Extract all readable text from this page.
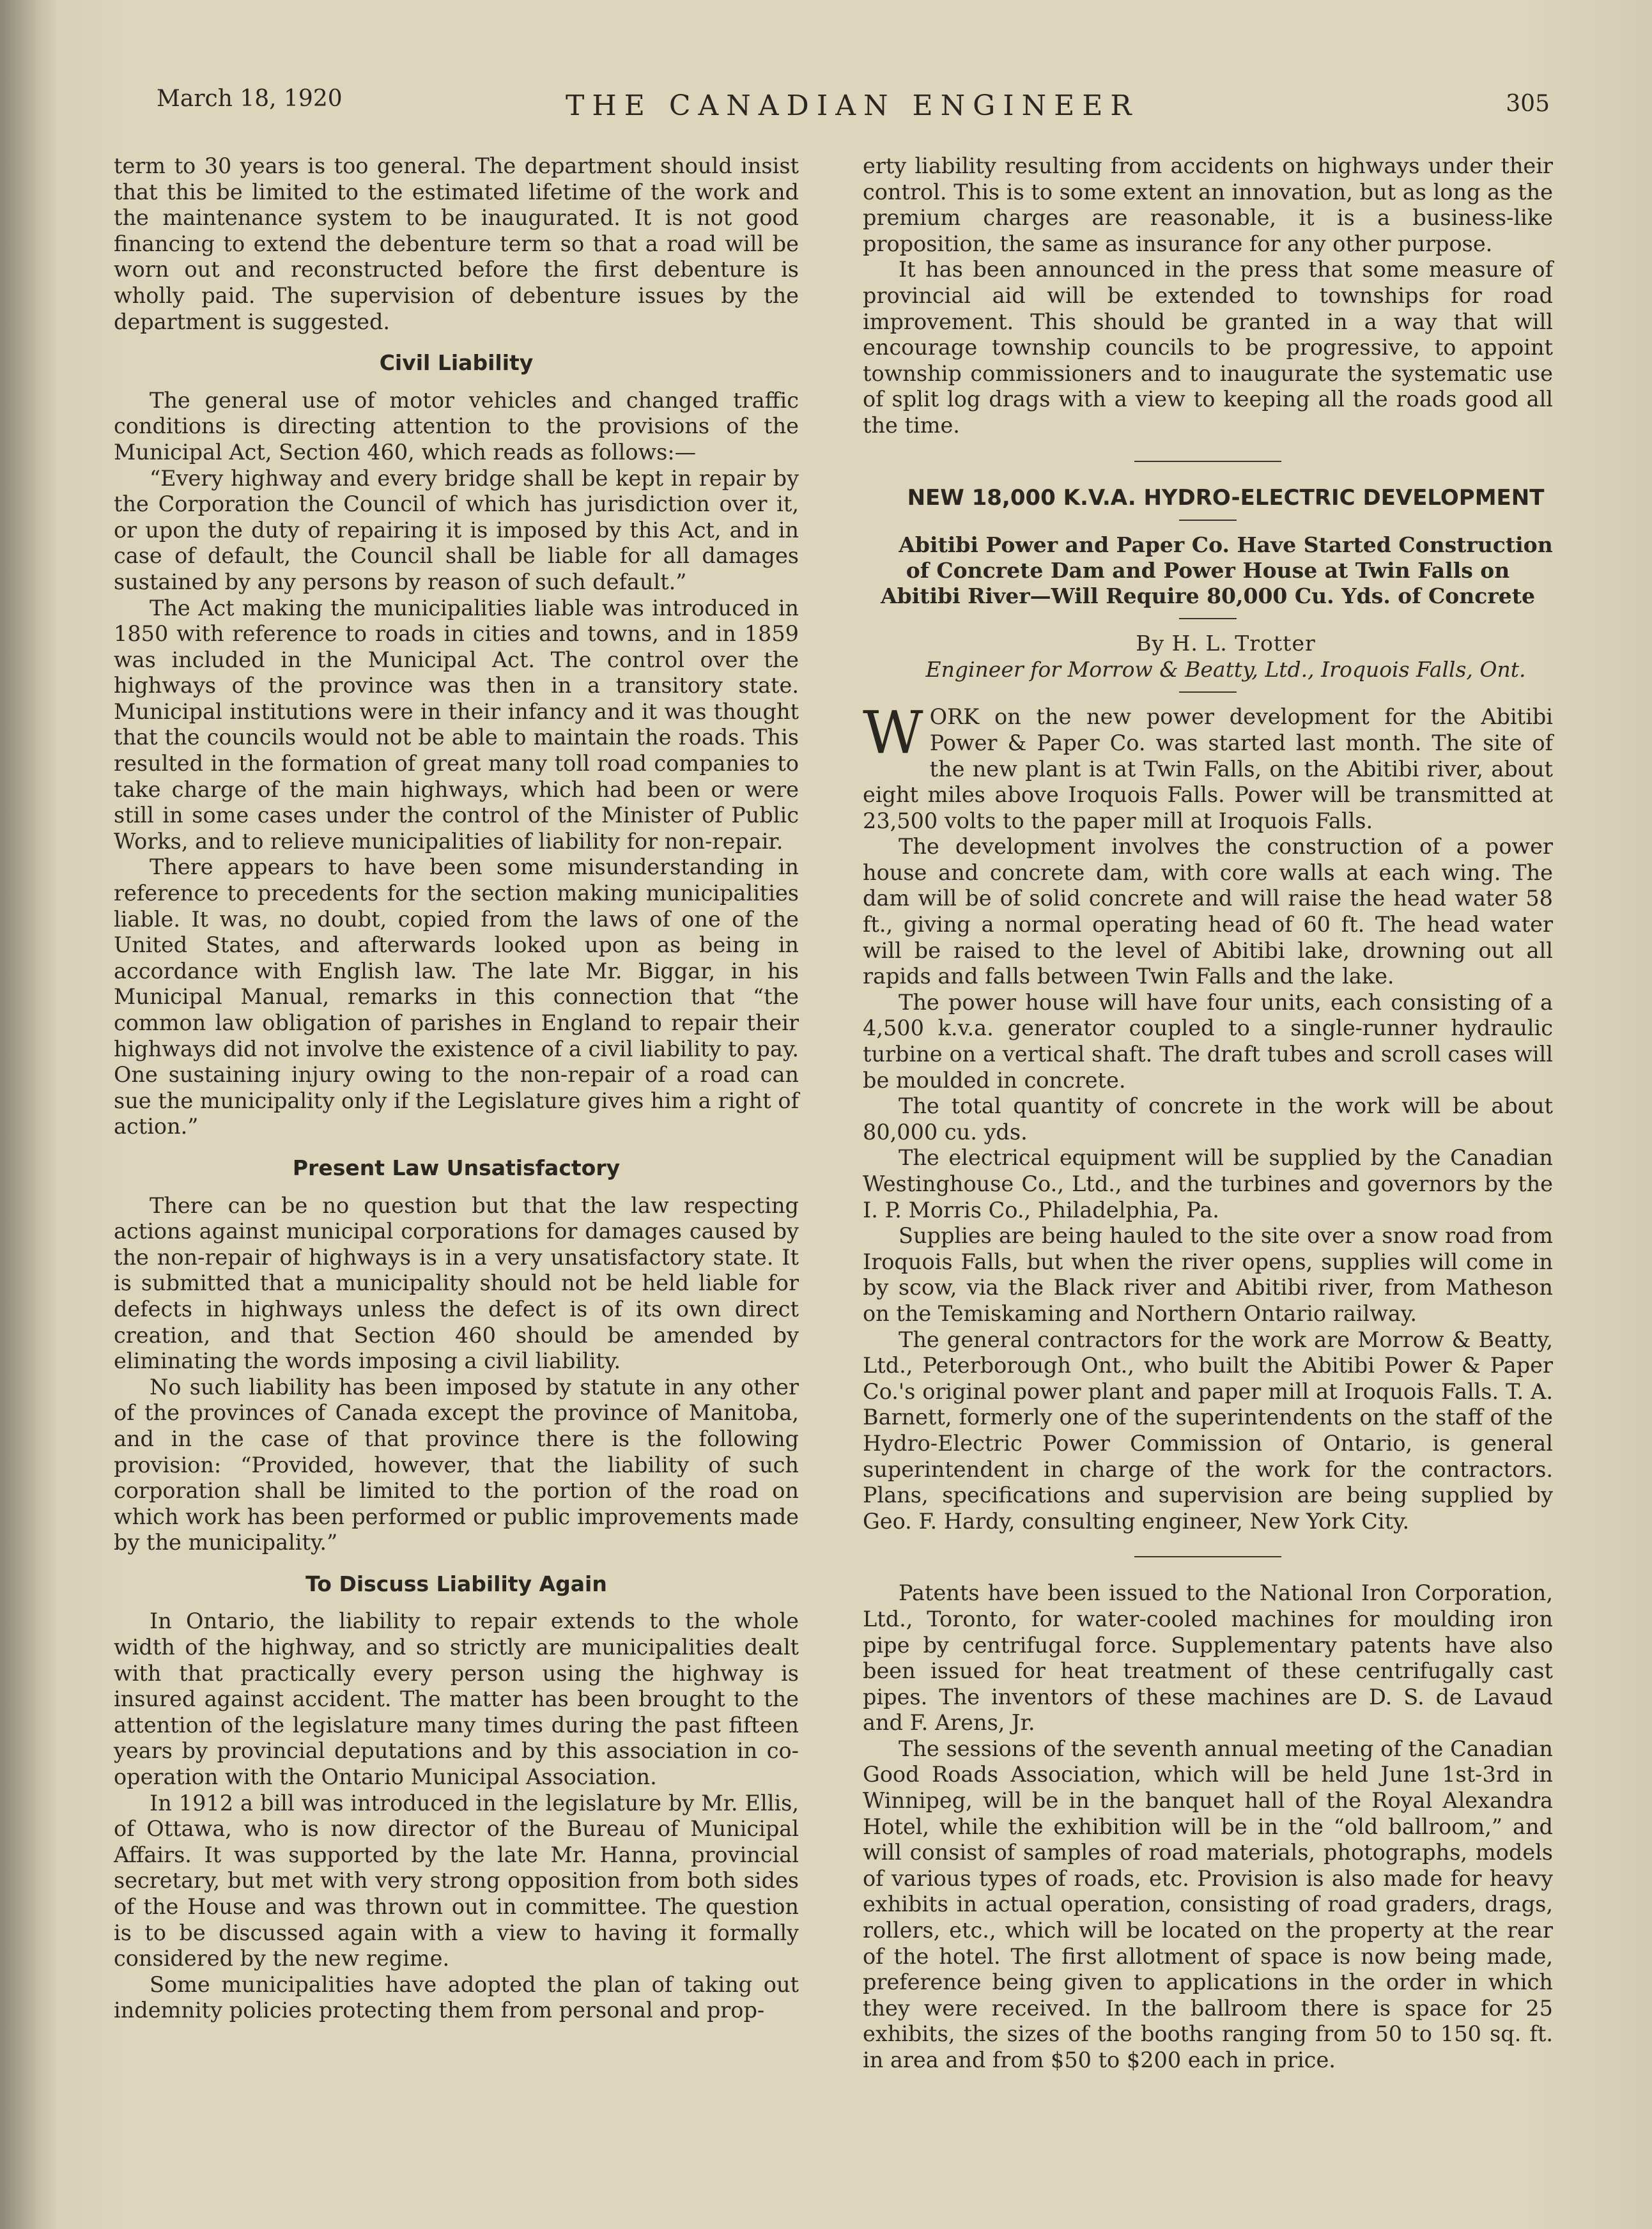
March 18, 1920	THE CANADIAN ENGINEER	305

term to 30 years is too general. The department should insist that this be limited to the estimated lifetime of the work and the maintenance system to be inaugurated. It is not good financing to extend the debenture term so that a road will be worn out and reconstructed before the first debenture is wholly paid. The supervision of debenture issues by the department is suggested.

Civil Liability

The general use of motor vehicles and changed traffic conditions is directing attention to the provisions of the Municipal Act, Section 460, which reads as follows:—

“Every highway and every bridge shall be kept in repair by the Corporation the Council of which has jurisdiction over it, or upon the duty of repairing it is imposed by this Act, and in case of default, the Council shall be liable for all damages sustained by any persons by reason of such default.”

The Act making the municipalities liable was introduced in 1850 with reference to roads in cities and towns, and in 1859 was included in the Municipal Act. The control over the highways of the province was then in a transitory state. Municipal institutions were in their infancy and it was thought that the councils would not be able to maintain the roads. This resulted in the formation of great many toll road companies to take charge of the main highways, which had been or were still in some cases under the control of the Minister of Public Works, and to relieve municipalities of liability for non-repair.

There appears to have been some misunderstanding in reference to precedents for the section making municipalities liable. It was, no doubt, copied from the laws of one of the United States, and afterwards looked upon as being in accordance with English law. The late Mr. Biggar, in his Municipal Manual, remarks in this connection that “the common law obligation of parishes in England to repair their highways did not involve the existence of a civil liability to pay. One sustaining injury owing to the non-repair of a road can sue the municipality only if the Legislature gives him a right of action.”

Present Law Unsatisfactory

There can be no question but that the law respecting actions against municipal corporations for damages caused by the non-repair of highways is in a very unsatisfactory state. It is submitted that a municipality should not be held liable for defects in highways unless the defect is of its own direct creation, and that Section 460 should be amended by eliminating the words imposing a civil liability.

No such liability has been imposed by statute in any other of the provinces of Canada except the province of Manitoba, and in the case of that province there is the following provision: “Provided, however, that the liability of such corporation shall be limited to the portion of the road on which work has been performed or public improvements made by the municipality.”

To Discuss Liability Again

In Ontario, the liability to repair extends to the whole width of the highway, and so strictly are municipalities dealt with that practically every person using the highway is insured against accident. The matter has been brought to the attention of the legislature many times during the past fifteen years by provincial deputations and by this association in co-operation with the Ontario Municipal Association.

In 1912 a bill was introduced in the legislature by Mr. Ellis, of Ottawa, who is now director of the Bureau of Municipal Affairs. It was supported by the late Mr. Hanna, provincial secretary, but met with very strong opposition from both sides of the House and was thrown out in committee. The question is to be discussed again with a view to having it formally considered by the new regime.

Some municipalities have adopted the plan of taking out indemnity policies protecting them from personal and prop-

erty liability resulting from accidents on highways under their control. This is to some extent an innovation, but as long as the premium charges are reasonable, it is a business-like proposition, the same as insurance for any other purpose.

It has been announced in the press that some measure of provincial aid will be extended to townships for road improvement. This should be granted in a way that will encourage township councils to be progressive, to appoint township commissioners and to inaugurate the systematic use of split log drags with a view to keeping all the roads good all the time.

NEW 18,000 K.V.A. HYDRO-ELECTRIC DEVELOPMENT

Abitibi Power and Paper Co. Have Started Construction of Concrete Dam and Power House at Twin Falls on Abitibi River—Will Require 80,000 Cu. Yds. of Concrete

By H. L. Trotter

Engineer for Morrow & Beatty, Ltd., Iroquois Falls, Ont.

WORK on the new power development for the Abitibi Power & Paper Co. was started last month. The site of the new plant is at Twin Falls, on the Abitibi river, about eight miles above Iroquois Falls. Power will be transmitted at 23,500 volts to the paper mill at Iroquois Falls.

The development involves the construction of a power house and concrete dam, with core walls at each wing. The dam will be of solid concrete and will raise the head water 58 ft., giving a normal operating head of 60 ft. The head water will be raised to the level of Abitibi lake, drowning out all rapids and falls between Twin Falls and the lake.

The power house will have four units, each consisting of a 4,500 k.v.a. generator coupled to a single-runner hydraulic turbine on a vertical shaft. The draft tubes and scroll cases will be moulded in concrete.

The total quantity of concrete in the work will be about 80,000 cu. yds.

The electrical equipment will be supplied by the Canadian Westinghouse Co., Ltd., and the turbines and governors by the I. P. Morris Co., Philadelphia, Pa.

Supplies are being hauled to the site over a snow road from Iroquois Falls, but when the river opens, supplies will come in by scow, via the Black river and Abitibi river, from Matheson on the Temiskaming and Northern Ontario railway.

The general contractors for the work are Morrow & Beatty, Ltd., Peterborough Ont., who built the Abitibi Power & Paper Co.'s original power plant and paper mill at Iroquois Falls. T. A. Barnett, formerly one of the superintendents on the staff of the Hydro-Electric Power Commission of Ontario, is general superintendent in charge of the work for the contractors. Plans, specifications and supervision are being supplied by Geo. F. Hardy, consulting engineer, New York City.

Patents have been issued to the National Iron Corporation, Ltd., Toronto, for water-cooled machines for moulding iron pipe by centrifugal force. Supplementary patents have also been issued for heat treatment of these centrifugally cast pipes. The inventors of these machines are D. S. de Lavaud and F. Arens, Jr.

The sessions of the seventh annual meeting of the Canadian Good Roads Association, which will be held June 1st-3rd in Winnipeg, will be in the banquet hall of the Royal Alexandra Hotel, while the exhibition will be in the “old ballroom,” and will consist of samples of road materials, photographs, models of various types of roads, etc. Provision is also made for heavy exhibits in actual operation, consisting of road graders, drags, rollers, etc., which will be located on the property at the rear of the hotel. The first allotment of space is now being made, preference being given to applications in the order in which they were received. In the ballroom there is space for 25 exhibits, the sizes of the booths ranging from 50 to 150 sq. ft. in area and from $50 to $200 each in price.
